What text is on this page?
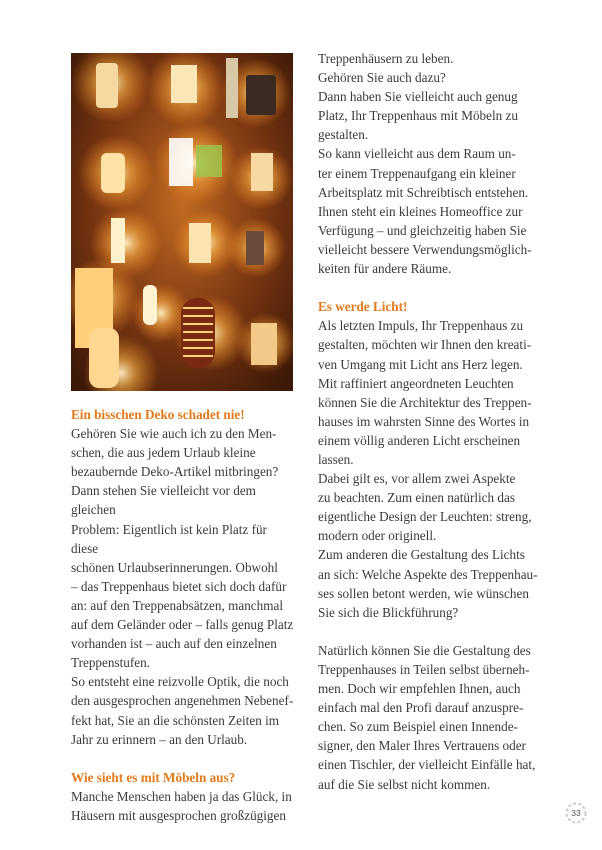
Ein bisschen Deko schadet nie!

Gehören Sie wie auch ich zu den Men-
schen, die aus jedem Urlaub kleine
bezaubernde Deko-Artikel mitbringen?
Dann stehen Sie vielleicht vor dem gleichen
Problem: Eigentlich ist kein Platz für diese
schönen Urlaubserinnerungen. Obwohl
– das Treppenhaus bietet sich doch dafür
an: auf den Treppenabsätzen, manchmal
auf dem Geländer oder – falls genug Platz
vorhanden ist – auch auf den einzelnen
Treppenstufen.

So entsteht eine reizvolle Optik, die noch
den ausgesprochen angenehmen Nebenef-
fekt hat, Sie an die schönsten Zeiten im
Jahr zu erinnern – an den Urlaub.

Wie sieht es mit Möbeln aus?

Manche Menschen haben ja das Glück, in
Häusern mit ausgesprochen großzügigen

Treppenhäusern zu leben.
Gehören Sie auch dazu?
Dann haben Sie vielleicht auch genug
Platz, Ihr Treppenhaus mit Möbeln zu
gestalten.

So kann vielleicht aus dem Raum un-
ter einem Treppenaufgang ein kleiner
Arbeitsplatz mit Schreibtisch entstehen.
Ihnen steht ein kleines Homeoffice zur
Verfügung – und gleichzeitig haben Sie
vielleicht bessere Verwendungsmöglich-
keiten für andere Räume.

Es werde Licht!

Als letzten Impuls, Ihr Treppenhaus zu
gestalten, möchten wir Ihnen den kreati-
ven Umgang mit Licht ans Herz legen.
Mit raffiniert angeordneten Leuchten
können Sie die Architektur des Treppen-
hauses im wahrsten Sinne des Wortes in
einem völlig anderen Licht erscheinen
lassen.

Dabei gilt es, vor allem zwei Aspekte
zu beachten. Zum einen natürlich das
eigentliche Design der Leuchten: streng,
modern oder originell.

Zum anderen die Gestaltung des Lichts
an sich: Welche Aspekte des Treppenhau-
ses sollen betont werden, wie wünschen
Sie sich die Blickführung?

Natürlich können Sie die Gestaltung des
Treppenhauses in Teilen selbst überneh-
men. Doch wir empfehlen Ihnen, auch
einfach mal den Profi darauf anzuspre-
chen. So zum Beispiel einen Innende-
signer, den Maler Ihres Vertrauens oder
einen Tischler, der vielleicht Einfälle hat,
auf die Sie selbst nicht kommen.

33
